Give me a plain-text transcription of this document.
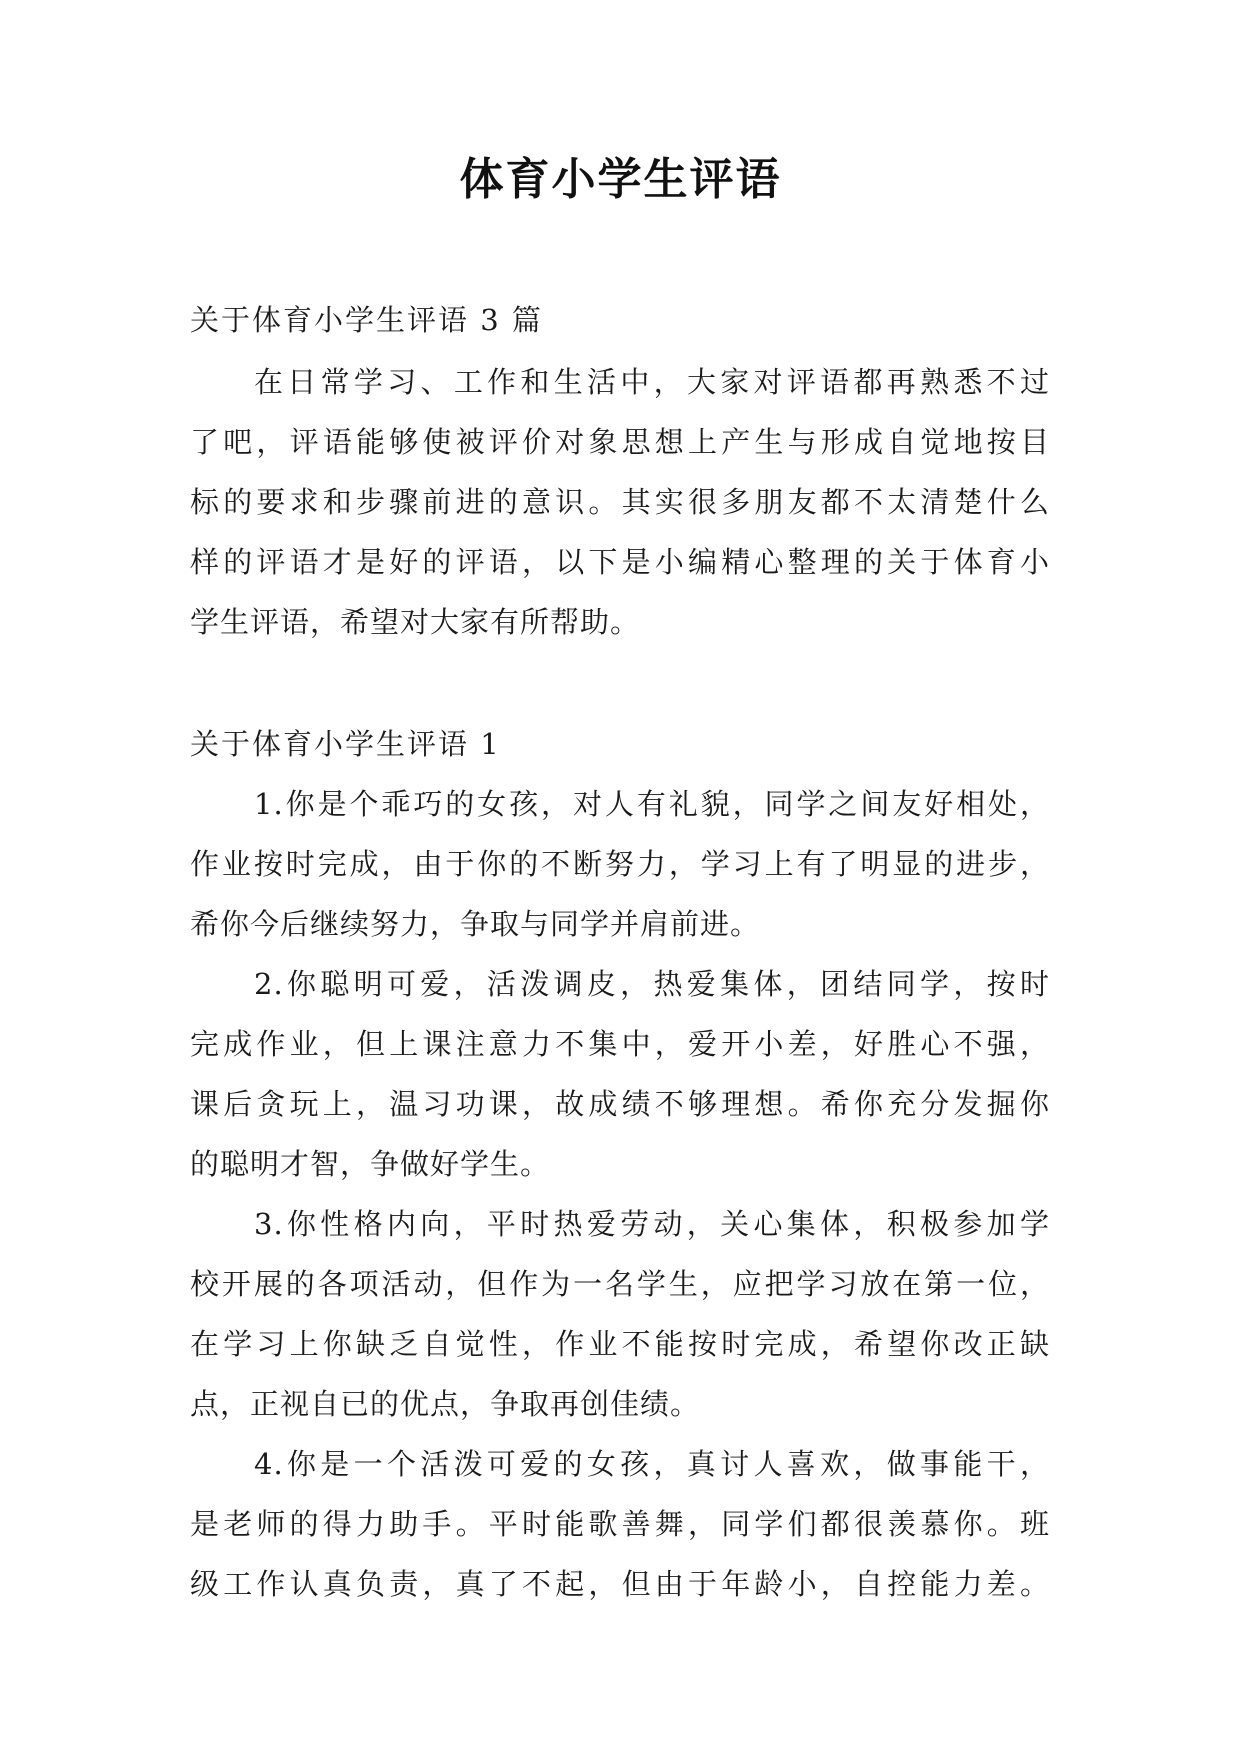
体育小学生评语

关于体育小学生评语 3 篇

在日常学习、工作和生活中，大家对评语都再熟悉不过

了吧，评语能够使被评价对象思想上产生与形成自觉地按目

标的要求和步骤前进的意识。其实很多朋友都不太清楚什么

样的评语才是好的评语，以下是小编精心整理的关于体育小

学生评语，希望对大家有所帮助。

关于体育小学生评语 1

1.你是个乖巧的女孩，对人有礼貌，同学之间友好相处，

作业按时完成，由于你的不断努力，学习上有了明显的进步，

希你今后继续努力，争取与同学并肩前进。

2.你聪明可爱，活泼调皮，热爱集体，团结同学，按时

完成作业，但上课注意力不集中，爱开小差，好胜心不强，

课后贪玩上，温习功课，故成绩不够理想。希你充分发掘你

的聪明才智，争做好学生。

3.你性格内向，平时热爱劳动，关心集体，积极参加学

校开展的各项活动，但作为一名学生，应把学习放在第一位，

在学习上你缺乏自觉性，作业不能按时完成，希望你改正缺

点，正视自已的优点，争取再创佳绩。

4.你是一个活泼可爱的女孩，真讨人喜欢，做事能干，

是老师的得力助手。平时能歌善舞，同学们都很羡慕你。班

级工作认真负责，真了不起，但由于年龄小，自控能力差。
